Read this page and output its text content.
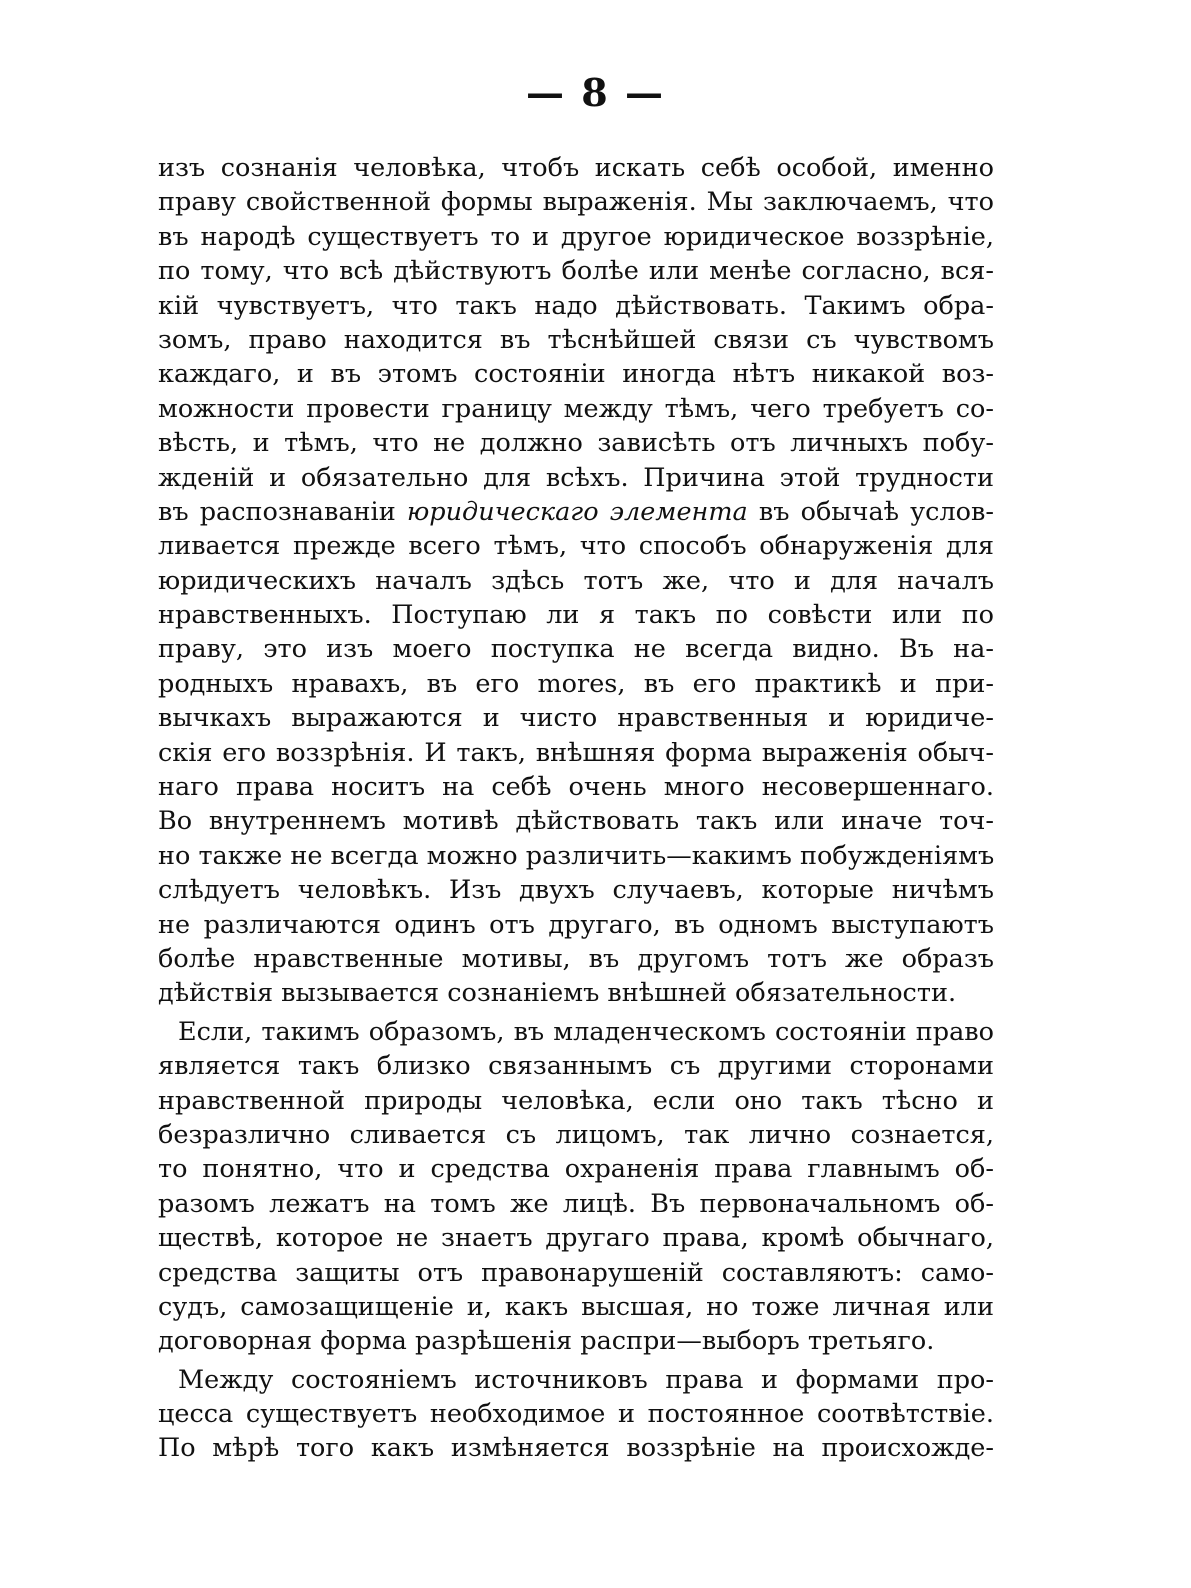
— 8 —
изъ сознанія человѣка, чтобъ искать себѣ особой, именно
праву свойственной формы выраженія. Мы заключаемъ, что
въ народѣ существуетъ то и другое юридическое воззрѣніе,
по тому, что всѣ дѣйствуютъ болѣе или менѣе согласно, вся-
кій чувствуетъ, что такъ надо дѣйствовать. Такимъ обра-
зомъ, право находится въ тѣснѣйшей связи съ чувствомъ
каждаго, и въ этомъ состояніи иногда нѣтъ никакой воз-
можности провести границу между тѣмъ, чего требуетъ со-
вѣсть, и тѣмъ, что не должно зависѣть отъ личныхъ побу-
жденій и обязательно для всѣхъ. Причина этой трудности
въ распознаваніи юридическаго элемента въ обычаѣ услов-
ливается прежде всего тѣмъ, что способъ обнаруженія для
юридическихъ началъ здѣсь тотъ же, что и для началъ
нравственныхъ. Поступаю ли я такъ по совѣсти или по
праву, это изъ моего поступка не всегда видно. Въ на-
родныхъ нравахъ, въ его mores, въ его практикѣ и при-
вычкахъ выражаются и чисто нравственныя и юридиче-
скія его воззрѣнія. И такъ, внѣшняя форма выраженія обыч-
наго права носитъ на себѣ очень много несовершеннаго.
Во внутреннемъ мотивѣ дѣйствовать такъ или иначе точ-
но также не всегда можно различить—какимъ побужденіямъ
слѣдуетъ человѣкъ. Изъ двухъ случаевъ, которые ничѣмъ
не различаются одинъ отъ другаго, въ одномъ выступаютъ
болѣе нравственные мотивы, въ другомъ тотъ же образъ
дѣйствія вызывается сознаніемъ внѣшней обязательности.
Если, такимъ образомъ, въ младенческомъ состояніи право
является такъ близко связаннымъ съ другими сторонами
нравственной природы человѣка, если оно такъ тѣсно и
безразлично сливается съ лицомъ, так лично сознается,
то понятно, что и средства охраненія права главнымъ об-
разомъ лежатъ на томъ же лицѣ. Въ первоначальномъ об-
ществѣ, которое не знаетъ другаго права, кромѣ обычнаго,
средства защиты отъ правонарушеній составляютъ: само-
судъ, самозащищеніе и, какъ высшая, но тоже личная или
договорная форма разрѣшенія распри—выборъ третьяго.
Между состояніемъ источниковъ права и формами про-
цесса существуетъ необходимое и постоянное соотвѣтствіе.
По мѣрѣ того какъ измѣняется воззрѣніе на происхожде-
